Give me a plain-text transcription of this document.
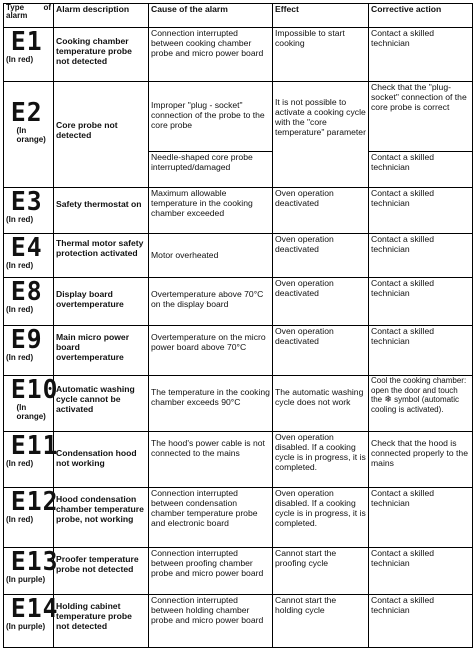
Type of
alarm	Alarm description	Cause of the alarm	Effect	Corrective action

E1
(In red)	Cooking chamber temperature probe not detected	Connection interrupted between cooking chamber probe and micro power board	Impossible to start cooking	Contact a skilled technician

E2
(In orange)	Core probe not detected	Improper "plug - socket" connection of the probe to the core probe	It is not possible to activate a cooking cycle with the "core temperature" parameter	Check that the "plug-socket" connection of the core probe is correct
		Needle-shaped core probe interrupted/damaged		Contact a skilled technician

E3
(In red)	Safety thermostat on	Maximum allowable temperature in the cooking chamber exceeded	Oven operation deactivated	Contact a skilled technician

E4
(In red)	Thermal motor safety protection activated	Motor overheated	Oven operation deactivated	Contact a skilled technician

E8
(In red)	Display board overtemperature	Overtemperature above 70°C on the display board	Oven operation deactivated	Contact a skilled technician

E9
(In red)	Main micro power board overtemperature	Overtemperature on the micro power board above 70°C	Oven operation deactivated	Contact a skilled technician

E10
(In orange)	Automatic washing cycle cannot be activated	The temperature in the cooking chamber exceeds 90°C	The automatic washing cycle does not work	Cool the cooking chamber: open the door and touch the ❄ symbol (automatic cooling is activated).

E11
(In red)	Condensation hood not working	The hood's power cable is not connected to the mains	Oven operation disabled. If a cooking cycle is in progress, it is completed.	Check that the hood is connected properly to the mains

E12
(In red)	Hood condensation chamber temperature probe, not working	Connection interrupted between condensation chamber temperature probe and electronic board	Oven operation disabled. If a cooking cycle is in progress, it is completed.	Contact a skilled technician

E13
(In purple)	Proofer temperature probe not detected	Connection interrupted between proofing chamber probe and micro power board	Cannot start the proofing cycle	Contact a skilled technician

E14
(In purple)	Holding cabinet temperature probe not detected	Connection interrupted between holding chamber probe and micro power board	Cannot start the holding cycle	Contact a skilled technician
